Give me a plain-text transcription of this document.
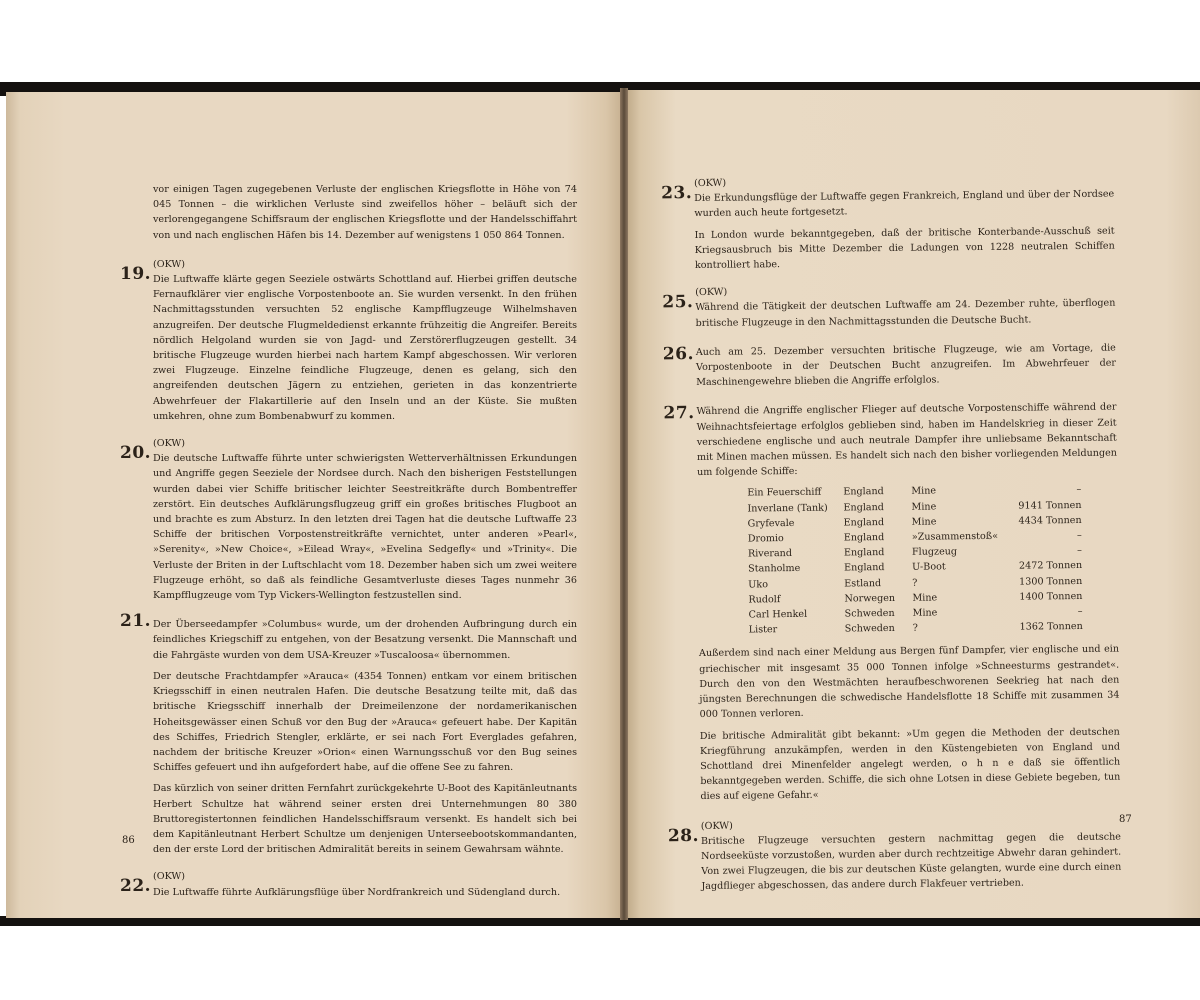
vor einigen Tagen zugegebenen Verluste der englischen Kriegsflotte in Höhe von 74 045 Tonnen – die wirklichen Verluste sind zweifellos höher – beläuft sich der verlorengegangene Schiffsraum der englischen Kriegsflotte und der Handelsschiffahrt von und nach englischen Häfen bis 14. Dezember auf wenigstens 1 050 864 Tonnen.

19. (OKW)

Die Luftwaffe klärte gegen Seeziele ostwärts Schottland auf. Hierbei griffen deutsche Fernaufklärer vier englische Vorpostenboote an. Sie wurden versenkt. In den frühen Nachmittagsstunden versuchten 52 englische Kampfflugzeuge Wilhelmshaven anzugreifen. Der deutsche Flugmeldedienst erkannte frühzeitig die Angreifer. Bereits nördlich Helgoland wurden sie von Jagd- und Zerstörerflugzeugen gestellt. 34 britische Flugzeuge wurden hierbei nach hartem Kampf abgeschossen. Wir verloren zwei Flugzeuge. Einzelne feindliche Flugzeuge, denen es gelang, sich den angreifenden deutschen Jägern zu entziehen, gerieten in das konzentrierte Abwehrfeuer der Flakartillerie auf den Inseln und an der Küste. Sie mußten umkehren, ohne zum Bombenabwurf zu kommen.

20. (OKW)

Die deutsche Luftwaffe führte unter schwierigsten Wetterverhältnissen Erkundungen und Angriffe gegen Seeziele der Nordsee durch. Nach den bisherigen Feststellungen wurden dabei vier Schiffe britischer leichter Seestreitkräfte durch Bombentreffer zerstört. Ein deutsches Aufklärungsflugzeug griff ein großes britisches Flugboot an und brachte es zum Absturz. In den letzten drei Tagen hat die deutsche Luftwaffe 23 Schiffe der britischen Vorpostenstreitkräfte vernichtet, unter anderen »Pearl«, »Serenity«, »New Choice«, »Eilead Wray«, »Evelina Sedgefly« und »Trinity«. Die Verluste der Briten in der Luftschlacht vom 18. Dezember haben sich um zwei weitere Flugzeuge erhöht, so daß als feindliche Gesamtverluste dieses Tages nunmehr 36 Kampfflugzeuge vom Typ Vickers-Wellington festzustellen sind.

21. Der Überseedampfer »Columbus« wurde, um der drohenden Aufbringung durch ein feindliches Kriegschiff zu entgehen, von der Besatzung versenkt. Die Mannschaft und die Fahrgäste wurden von dem USA-Kreuzer »Tuscaloosa« übernommen.

Der deutsche Frachtdampfer »Arauca« (4354 Tonnen) entkam vor einem britischen Kriegsschiff in einen neutralen Hafen. Die deutsche Besatzung teilte mit, daß das britische Kriegsschiff innerhalb der Dreimeilenzone der nordamerikanischen Hoheitsgewässer einen Schuß vor den Bug der »Arauca« gefeuert habe. Der Kapitän des Schiffes, Friedrich Stengler, erklärte, er sei nach Fort Everglades gefahren, nachdem der britische Kreuzer »Orion« einen Warnungsschuß vor den Bug seines Schiffes gefeuert und ihn aufgefordert habe, auf die offene See zu fahren.

Das kürzlich von seiner dritten Fernfahrt zurückgekehrte U-Boot des Kapitänleutnants Herbert Schultze hat während seiner ersten drei Unternehmungen 80 380 Bruttoregistertonnen feindlichen Handelsschiffsraum versenkt. Es handelt sich bei dem Kapitänleutnant Herbert Schultze um denjenigen Unterseebootskommandanten, den der erste Lord der britischen Admiralität bereits in seinem Gewahrsam wähnte.

22. (OKW)

Die Luftwaffe führte Aufklärungsflüge über Nordfrankreich und Südengland durch.

86
23. (OKW)

Die Erkundungsflüge der Luftwaffe gegen Frankreich, England und über der Nordsee wurden auch heute fortgesetzt.

In London wurde bekanntgegeben, daß der britische Konterbande-Ausschuß seit Kriegsausbruch bis Mitte Dezember die Ladungen von 1228 neutralen Schiffen kontrolliert habe.

25. (OKW)

Während die Tätigkeit der deutschen Luftwaffe am 24. Dezember ruhte, überflogen britische Flugzeuge in den Nachmittagsstunden die Deutsche Bucht.

26. Auch am 25. Dezember versuchten britische Flugzeuge, wie am Vortage, die Vorpostenboote in der Deutschen Bucht anzugreifen. Im Abwehrfeuer der Maschinengewehre blieben die Angriffe erfolglos.

27. Während die Angriffe englischer Flieger auf deutsche Vorpostenschiffe während der Weihnachtsfeiertage erfolglos geblieben sind, haben im Handelskrieg in dieser Zeit verschiedene englische und auch neutrale Dampfer ihre unliebsame Bekanntschaft mit Minen machen müssen. Es handelt sich nach den bisher vorliegenden Meldungen um folgende Schiffe:

Ein Feuerschiff	England	Mine	–
Inverlane (Tank)	England	Mine	9141 Tonnen
Gryfevale	England	Mine	4434 Tonnen
Dromio	England	»Zusammenstoß«	–
Riverand	England	Flugzeug	–
Stanholme	England	U-Boot	2472 Tonnen
Uko	Estland	?	1300 Tonnen
Rudolf	Norwegen	Mine	1400 Tonnen
Carl Henkel	Schweden	Mine	–
Lister	Schweden	?	1362 Tonnen

Außerdem sind nach einer Meldung aus Bergen fünf Dampfer, vier englische und ein griechischer mit insgesamt 35 000 Tonnen infolge »Schneesturms gestrandet«. Durch den von den Westmächten heraufbeschworenen Seekrieg hat nach den jüngsten Berechnungen die schwedische Handelsflotte 18 Schiffe mit zusammen 34 000 Tonnen verloren.

Die britische Admiralität gibt bekannt: »Um gegen die Methoden der deutschen Kriegführung anzukämpfen, werden in den Küstengebieten von England und Schottland drei Minenfelder angelegt werden, o h n e daß sie öffentlich bekanntgegeben werden. Schiffe, die sich ohne Lotsen in diese Gebiete begeben, tun dies auf eigene Gefahr.«

28. (OKW)

Britische Flugzeuge versuchten gestern nachmittag gegen die deutsche Nordseeküste vorzustoßen, wurden aber durch rechtzeitige Abwehr daran gehindert. Von zwei Flugzeugen, die bis zur deutschen Küste gelangten, wurde eine durch einen Jagdflieger abgeschossen, das andere durch Flakfeuer vertrieben.

87
